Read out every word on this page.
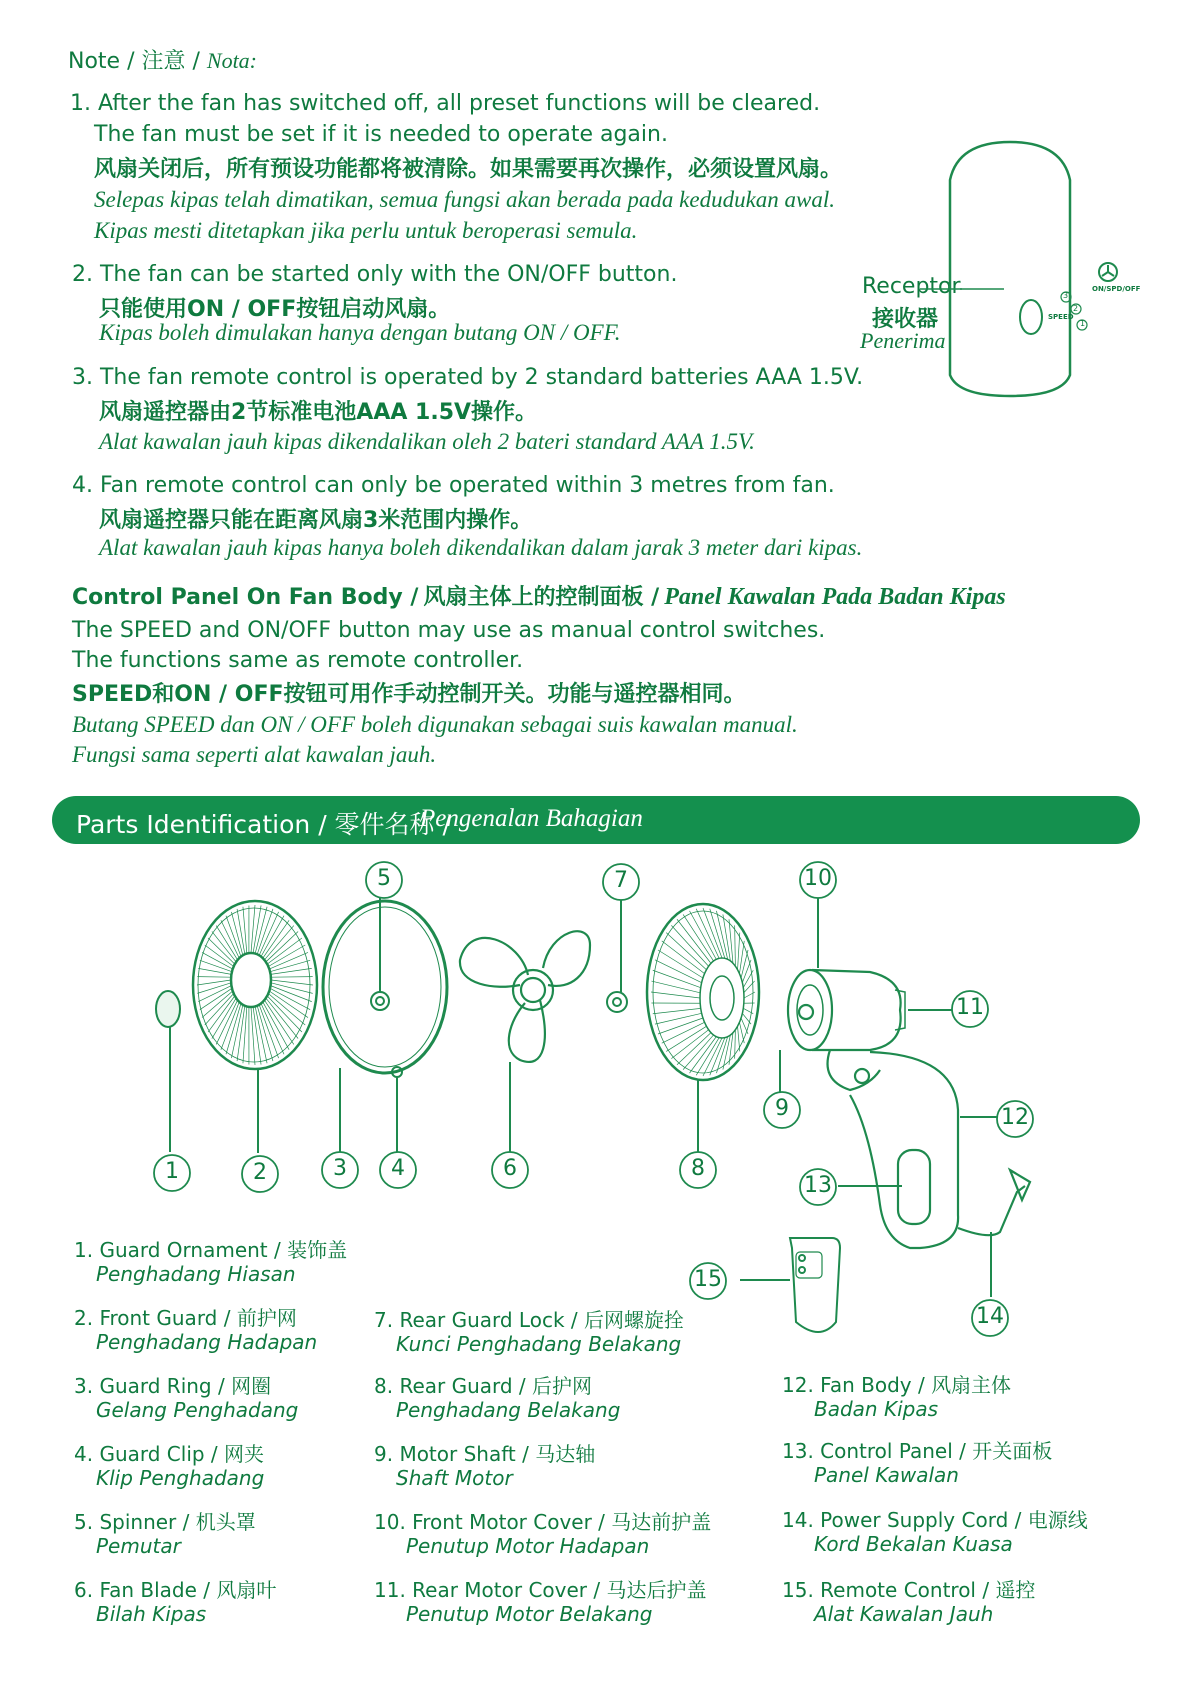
Note / 注意 / Nota:
1. After the fan has switched off, all preset functions will be cleared.
The fan must be set if it is needed to operate again.
风扇关闭后，所有预设功能都将被清除。如果需要再次操作，必须设置风扇。
Selepas kipas telah dimatikan, semua fungsi akan berada pada kedudukan awal.
Kipas mesti ditetapkan jika perlu untuk beroperasi semula.
2. The fan can be started only with the ON/OFF button.
只能使用ON / OFF按钮启动风扇。
Kipas boleh dimulakan hanya dengan butang ON / OFF.
3. The fan remote control is operated by 2 standard batteries AAA 1.5V.
风扇遥控器由2节标准电池AAA 1.5V操作。
Alat kawalan jauh kipas dikendalikan oleh 2 bateri standard AAA 1.5V.
4. Fan remote control can only be operated within 3 metres from fan.
风扇遥控器只能在距离风扇3米范围内操作。
Alat kawalan jauh kipas hanya boleh dikendalikan dalam jarak 3 meter dari kipas.
Receptor
接收器
Penerima
Control Panel On Fan Body / 风扇主体上的控制面板 / Panel Kawalan Pada Badan Kipas
The SPEED and ON/OFF button may use as manual control switches.
The functions same as remote controller.
SPEED和ON / OFF按钮可用作手动控制开关。功能与遥控器相同。
Butang SPEED dan ON / OFF boleh digunakan sebagai suis kawalan manual.
Fungsi sama seperti alat kawalan jauh.
Parts Identification / 零件名称 /
Pengenalan Bahagian
1	2	3	4
5
6
7
8
9
10
11
12
13
14
15
1. Guard Ornament / 装饰盖
Penghadang Hiasan
2. Front Guard / 前护网
Penghadang Hadapan
3. Guard Ring / 网圈
Gelang Penghadang
4. Guard Clip / 网夹
Klip Penghadang
5. Spinner / 机头罩
Pemutar
6. Fan Blade / 风扇叶
Bilah Kipas
7. Rear Guard Lock / 后网螺旋拴
Kunci Penghadang Belakang
8. Rear Guard / 后护网
Penghadang Belakang
9. Motor Shaft / 马达轴
Shaft Motor
10. Front Motor Cover / 马达前护盖
Penutup Motor Hadapan
11. Rear Motor Cover / 马达后护盖
Penutup Motor Belakang
12. Fan Body / 风扇主体
Badan Kipas
13. Control Panel / 开关面板
Panel Kawalan
14. Power Supply Cord / 电源线
Kord Bekalan Kuasa
15. Remote Control / 遥控
Alat Kawalan Jauh
ON/SPD/OFF
SPEED
1
2
3
